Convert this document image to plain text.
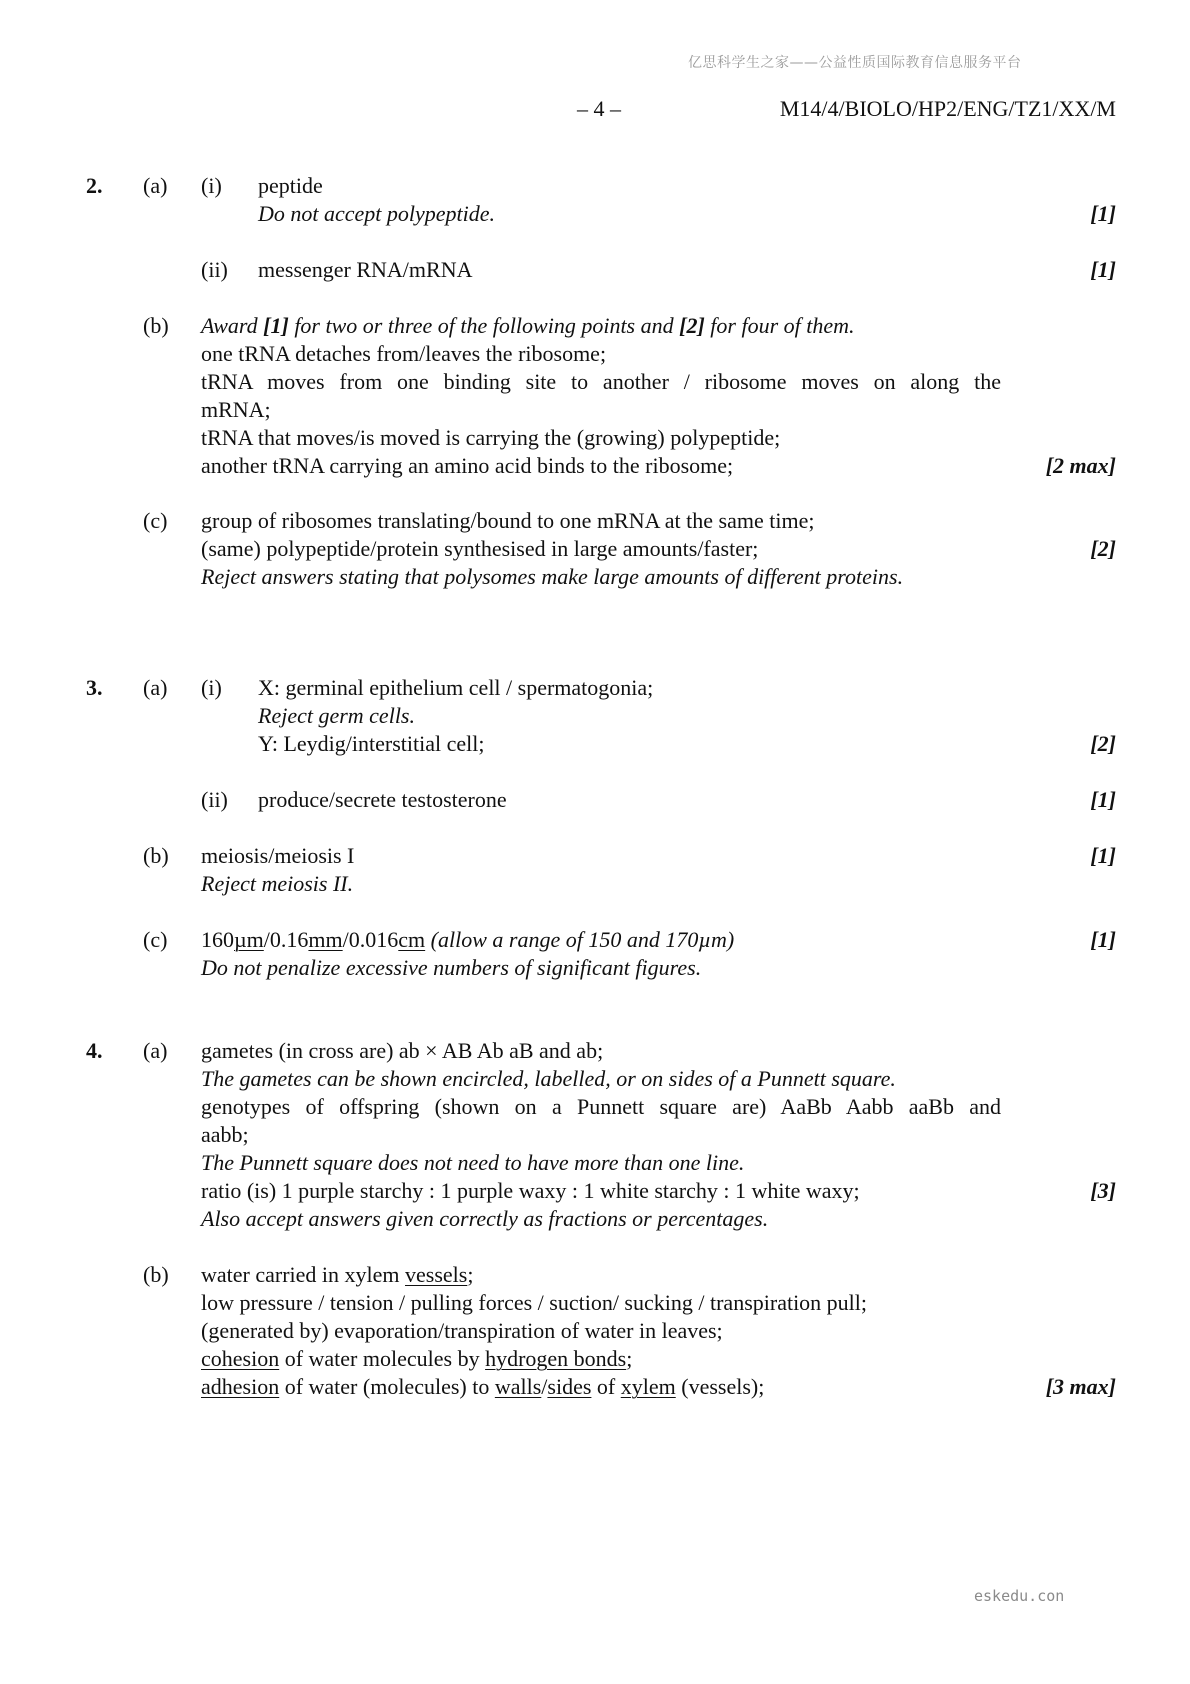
亿思科学生之家——公益性质国际教育信息服务平台
– 4 –	M14/4/BIOLO/HP2/ENG/TZ1/XX/M
2. (a) (i) peptide
Do not accept polypeptide.	[1]
(ii) messenger RNA/mRNA	[1]
(b) Award [1] for two or three of the following points and [2] for four of them.
one tRNA detaches from/leaves the ribosome;
tRNA moves from one binding site to another / ribosome moves on along the
mRNA;
tRNA that moves/is moved is carrying the (growing) polypeptide;
another tRNA carrying an amino acid binds to the ribosome;	[2 max]
(c) group of ribosomes translating/bound to one mRNA at the same time;
(same) polypeptide/protein synthesised in large amounts/faster;	[2]
Reject answers stating that polysomes make large amounts of different proteins.
3. (a) (i) X: germinal epithelium cell / spermatogonia;
Reject germ cells.
Y: Leydig/interstitial cell;	[2]
(ii) produce/secrete testosterone	[1]
(b) meiosis/meiosis I	[1]
Reject meiosis II.
(c) 160µm/0.16mm/0.016cm (allow a range of 150 and 170µm)	[1]
Do not penalize excessive numbers of significant figures.
4. (a) gametes (in cross are) ab × AB Ab aB and ab;
The gametes can be shown encircled, labelled, or on sides of a Punnett square.
genotypes of offspring (shown on a Punnett square are) AaBb Aabb aaBb and
aabb;
The Punnett square does not need to have more than one line.
ratio (is) 1 purple starchy : 1 purple waxy : 1 white starchy : 1 white waxy;	[3]
Also accept answers given correctly as fractions or percentages.
(b) water carried in xylem vessels;
low pressure / tension / pulling forces / suction/ sucking / transpiration pull;
(generated by) evaporation/transpiration of water in leaves;
cohesion of water molecules by hydrogen bonds;
adhesion of water (molecules) to walls/sides of xylem (vessels);	[3 max]
eskedu.con
